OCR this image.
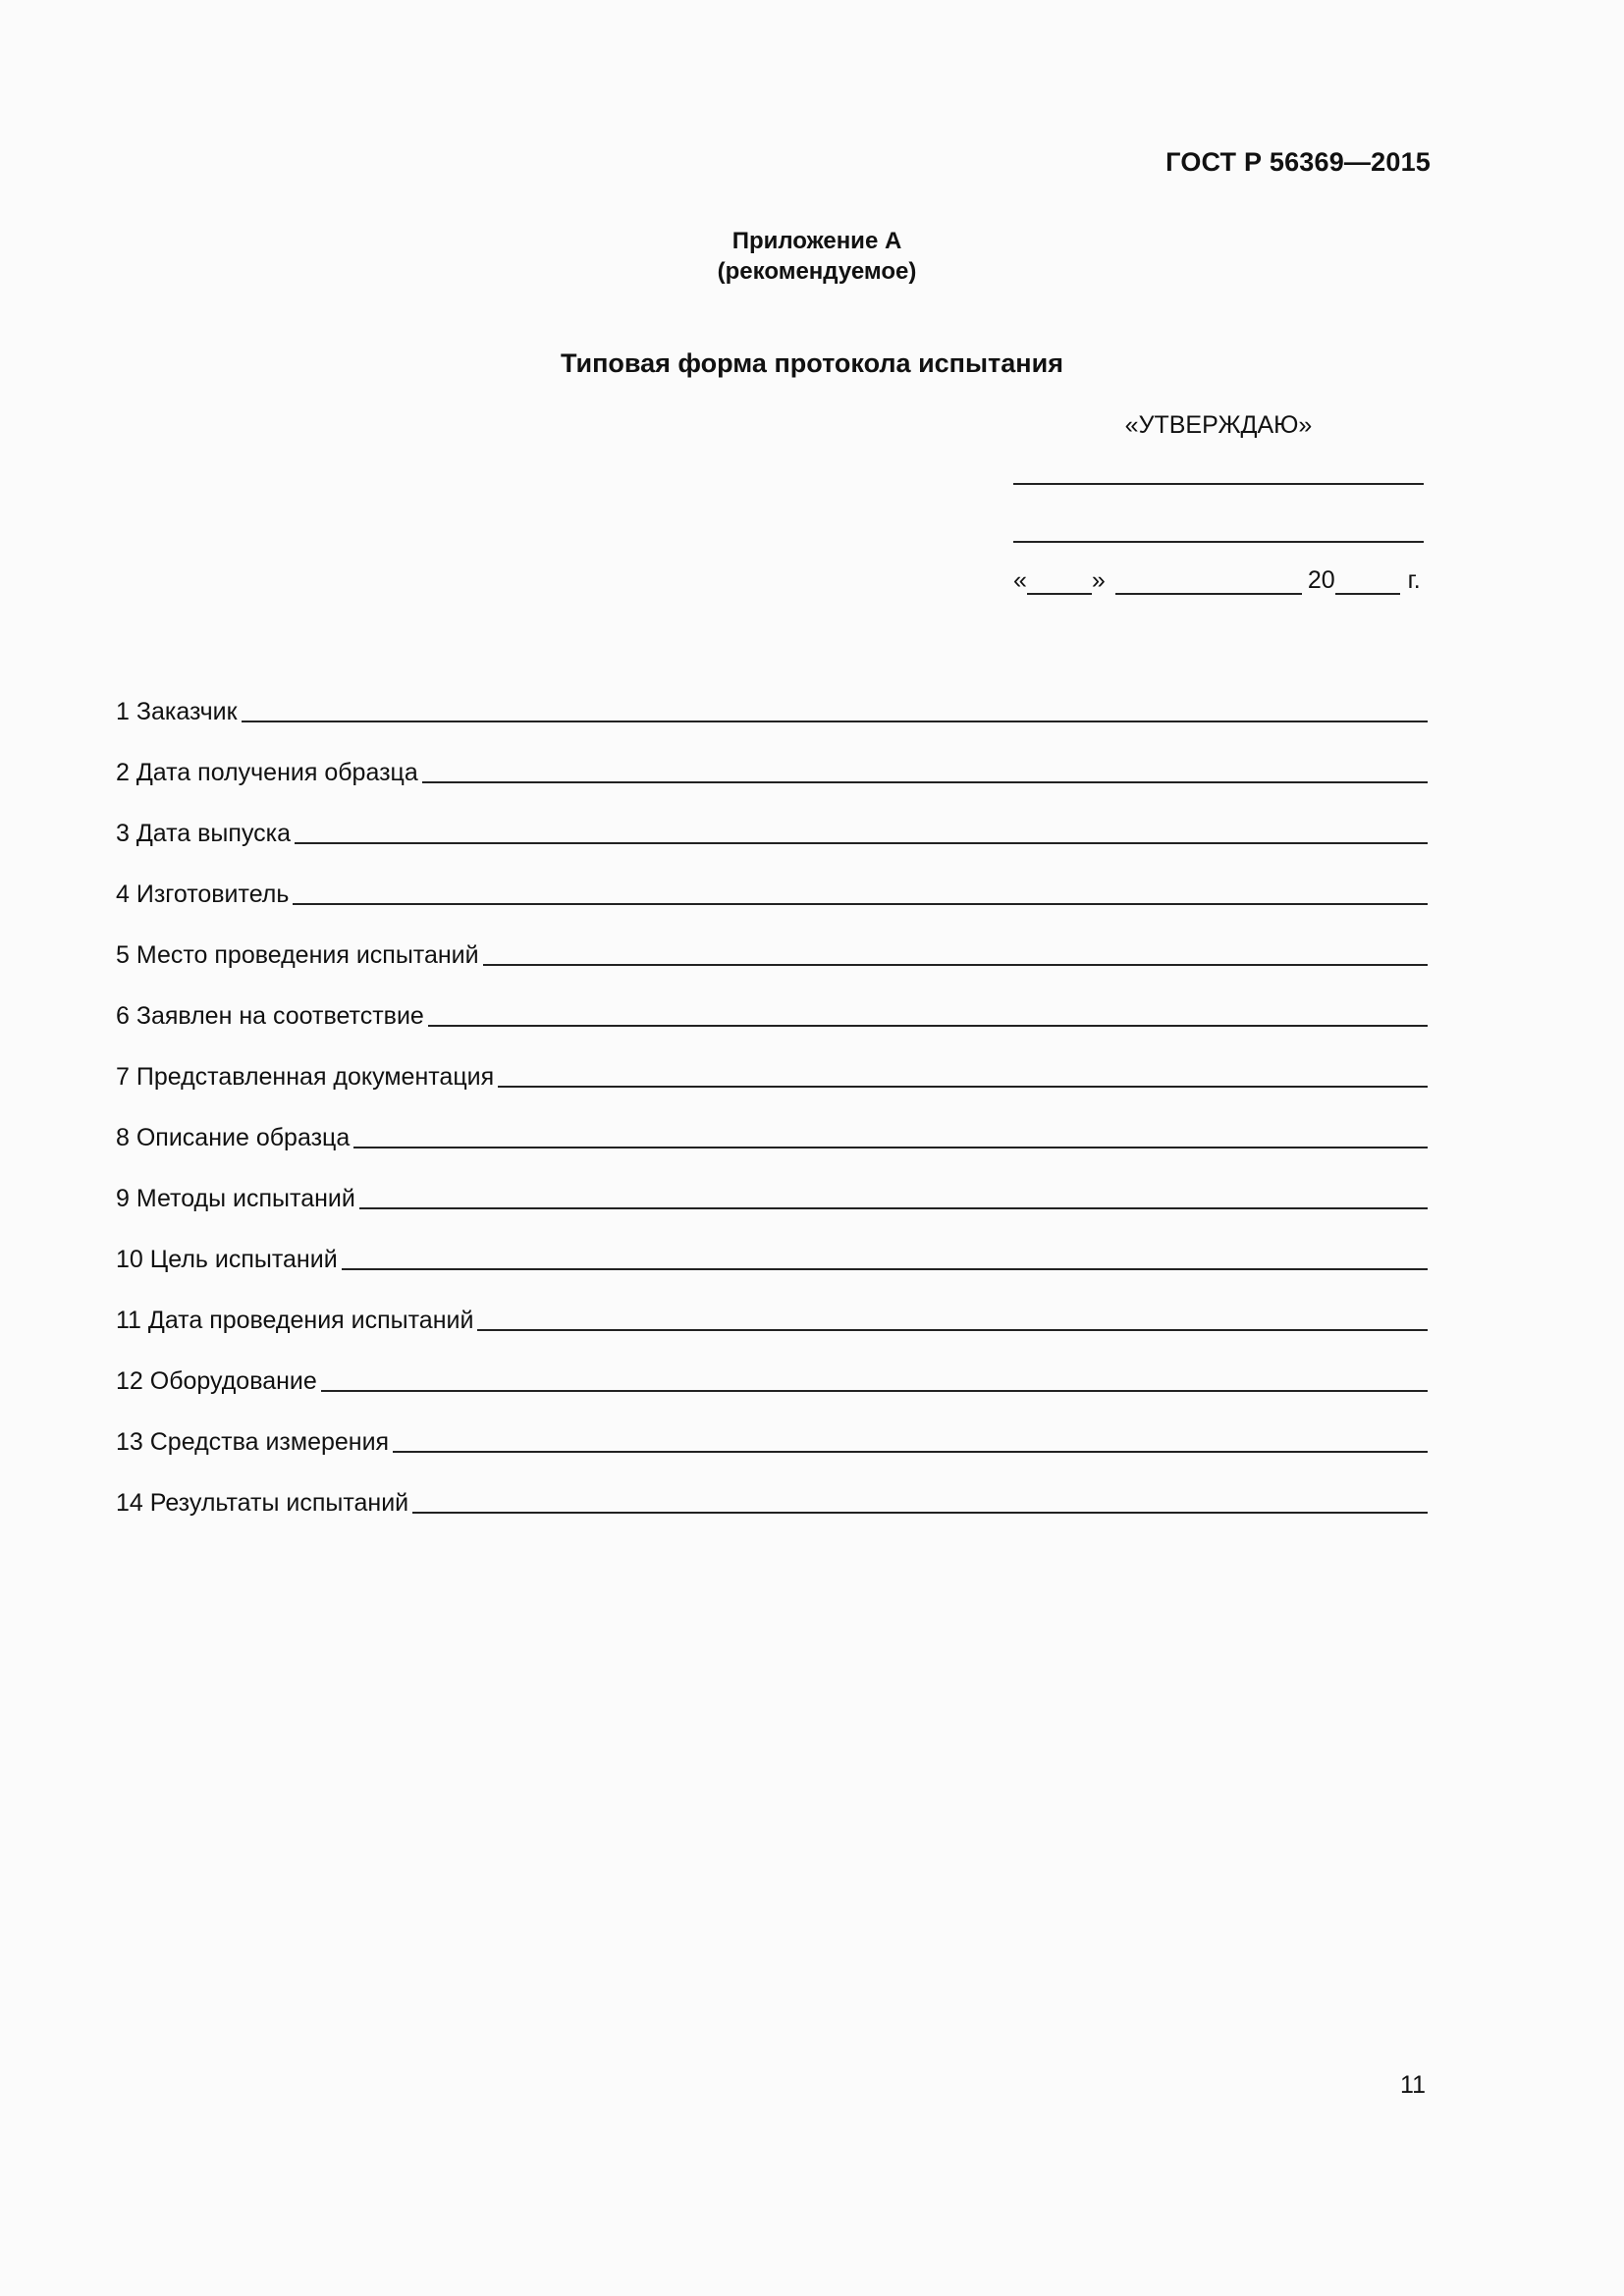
ГОСТ Р 56369—2015
Приложение А
(рекомендуемое)
Типовая форма протокола испытания
«УТВЕРЖДАЮ»
«	»	20	г.
1 Заказчик
2 Дата получения образца
3 Дата выпуска
4 Изготовитель
5 Место проведения испытаний
6 Заявлен на соответствие
7 Представленная документация
8 Описание образца
9 Методы испытаний
10 Цель испытаний
11 Дата проведения испытаний
12 Оборудование
13 Средства измерения
14 Результаты испытаний
11
